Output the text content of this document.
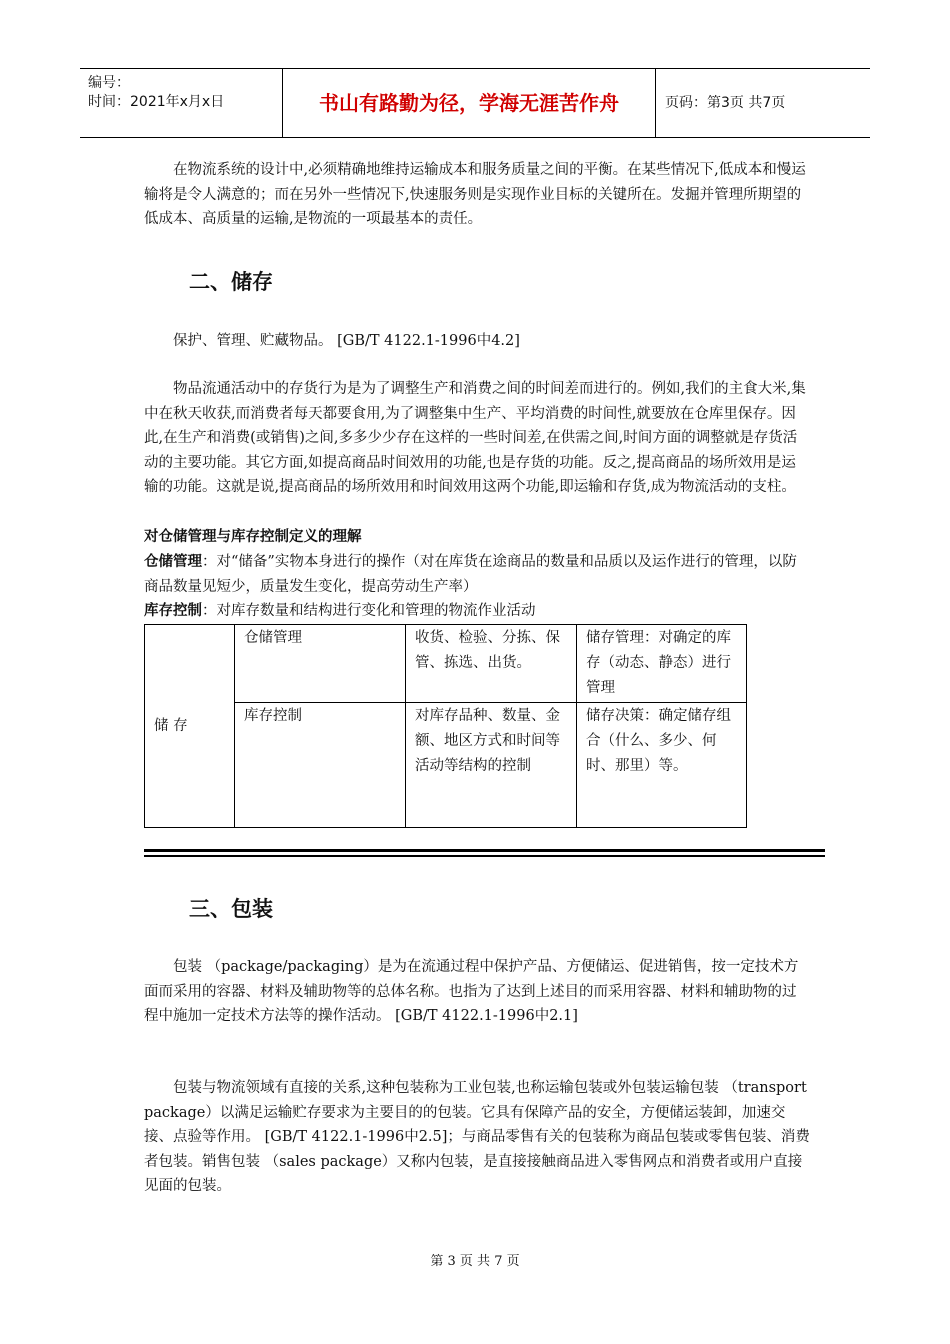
编号：
时间：2021年x月x日	书山有路勤为径，学海无涯苦作舟	页码：第3页 共7页

在物流系统的设计中,必须精确地维持运输成本和服务质量之间的平衡。在某些情况下,低成本和慢运输将是令人满意的；而在另外一些情况下,快速服务则是实现作业目标的关键所在。发掘并管理所期望的低成本、高质量的运输,是物流的一项最基本的责任。

二、储存

保护、管理、贮藏物品。 [GB/T 4122.1-1996中4.2]

物品流通活动中的存货行为是为了调整生产和消费之间的时间差而进行的。例如,我们的主食大米,集中在秋天收获,而消费者每天都要食用,为了调整集中生产、平均消费的时间性,就要放在仓库里保存。因此,在生产和消费(或销售)之间,多多少少存在这样的一些时间差,在供需之间,时间方面的调整就是存货活动的主要功能。其它方面,如提高商品时间效用的功能,也是存货的功能。反之,提高商品的场所效用是运输的功能。这就是说,提高商品的场所效用和时间效用这两个功能,即运输和存货,成为物流活动的支柱。

对仓储管理与库存控制定义的理解
仓储管理：对“储备”实物本身进行的操作（对在库货在途商品的数量和品质以及运作进行的管理，以防商品数量见短少，质量发生变化，提高劳动生产率）
库存控制：对库存数量和结构进行变化和管理的物流作业活动
储 存	仓储管理	收货、检验、分拣、保管、拣选、出货。	储存管理：对确定的库存（动态、静态）进行管理
	库存控制	对库存品种、数量、金额、地区方式和时间等活动等结构的控制	储存决策：确定储存组合（什么、多少、何时、那里）等。
三、包装

包装 （package/packaging）是为在流通过程中保护产品、方便储运、促进销售，按一定技术方面而采用的容器、材料及辅助物等的总体名称。也指为了达到上述目的而采用容器、材料和辅助物的过程中施加一定技术方法等的操作活动。 [GB/T 4122.1-1996中2.1]

包装与物流领域有直接的关系,这种包装称为工业包装,也称运输包装或外包装运输包装 （transport package）以满足运输贮存要求为主要目的的包装。它具有保障产品的安全，方便储运装卸，加速交接、点验等作用。 [GB/T 4122.1-1996中2.5]；与商品零售有关的包装称为商品包装或零售包装、消费者包装。销售包装 （sales package）又称内包装，是直接接触商品进入零售网点和消费者或用户直接见面的包装。

第 3 页 共 7 页
